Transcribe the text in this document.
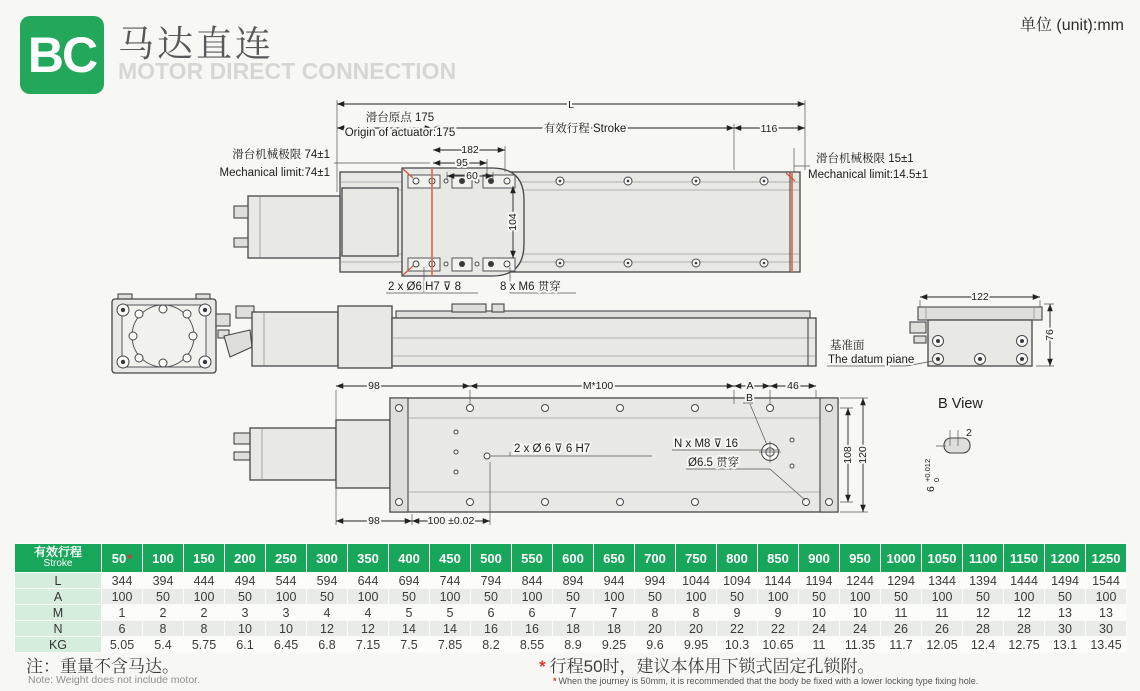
BC 马达直连
MOTOR DIRECT CONNECTION
单位 (unit):mm
L
滑台原点 175
Origin of actuator:175	有效行程 Stroke	116
182
95
60
104
滑台机械极限 74±1
Mechanical limit:74±1
滑台机械极限 15±1
Mechanical limit:14.5±1
2 x Ø6 H7 ⊽ 8	8 x M6 贯穿
122
76
基准面
The datum piane
98	M*100	A	46
B
108 120
2 x Ø 6 ⊽ 6 H7	N x M8 ⊽ 16
Ø6.5 贯穿
98	100 ±0.02
B View
2
6
+0.012 0
有效行程
Stroke	50*	100	150	200	250	300	350	400	450	500	550	600	650	700	750	800	850	900	950	1000	1050	1100	1150	1200	1250
L	344	394	444	494	544	594	644	694	744	794	844	894	944	994	1044	1094	1144	1194	1244	1294	1344	1394	1444	1494	1544
A	100	50	100	50	100	50	100	50	100	50	100	50	100	50	100	50	100	50	100	50	100	50	100	50	100
M	1	2	2	3	3	4	4	5	5	6	6	7	7	8	8	9	9	10	10	11	11	12	12	13	13
N	6	8	8	10	10	12	12	14	14	16	16	18	18	20	20	22	22	24	24	26	26	28	28	30	30
KG	5.05	5.4	5.75	6.1	6.45	6.8	7.15	7.5	7.85	8.2	8.55	8.9	9.25	9.6	9.95	10.3	10.65	11	11.35	11.7	12.05	12.4	12.75	13.1	13.45
注：重量不含马达。
Note: Weight does not include motor.
* 行程50时，建议本体用下锁式固定孔锁附。
* When the journey is 50mm, it is recommended that the body be fixed with a lower locking type fixing hole.
